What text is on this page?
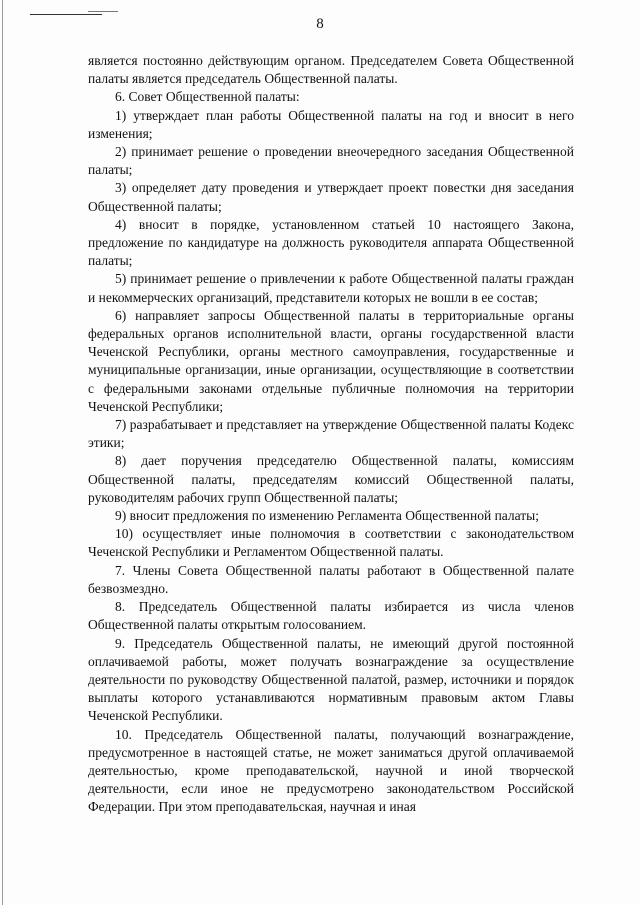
8

является постоянно действующим органом. Председателем Совета Общественной палаты является председатель Общественной палаты.

6. Совет Общественной палаты:

1) утверждает план работы Общественной палаты на год и вносит в него изменения;

2) принимает решение о проведении внеочередного заседания Общественной палаты;

3) определяет дату проведения и утверждает проект повестки дня заседания Общественной палаты;

4) вносит в порядке, установленном статьей 10 настоящего Закона, предложение по кандидатуре на должность руководителя аппарата Общественной палаты;

5) принимает решение о привлечении к работе Общественной палаты граждан и некоммерческих организаций, представители которых не вошли в ее состав;

6) направляет запросы Общественной палаты в территориальные органы федеральных органов исполнительной власти, органы государственной власти Чеченской Республики, органы местного самоуправления, государственные и муниципальные организации, иные организации, осуществляющие в соответствии с федеральными законами отдельные публичные полномочия на территории Чеченской Республики;

7) разрабатывает и представляет на утверждение Общественной палаты Кодекс этики;

8) дает поручения председателю Общественной палаты, комиссиям Общественной палаты, председателям комиссий Общественной палаты, руководителям рабочих групп Общественной палаты;

9) вносит предложения по изменению Регламента Общественной палаты;

10) осуществляет иные полномочия в соответствии с законодательством Чеченской Республики и Регламентом Общественной палаты.

7. Члены Совета Общественной палаты работают в Общественной палате безвозмездно.

8. Председатель Общественной палаты избирается из числа членов Общественной палаты открытым голосованием.

9. Председатель Общественной палаты, не имеющий другой постоянной оплачиваемой работы, может получать вознаграждение за осуществление деятельности по руководству Общественной палатой, размер, источники и порядок выплаты которого устанавливаются нормативным правовым актом Главы Чеченской Республики.

10. Председатель Общественной палаты, получающий вознаграждение, предусмотренное в настоящей статье, не может заниматься другой оплачиваемой деятельностью, кроме преподавательской, научной и иной творческой деятельности, если иное не предусмотрено законодательством Российской Федерации. При этом преподавательская, научная и иная
